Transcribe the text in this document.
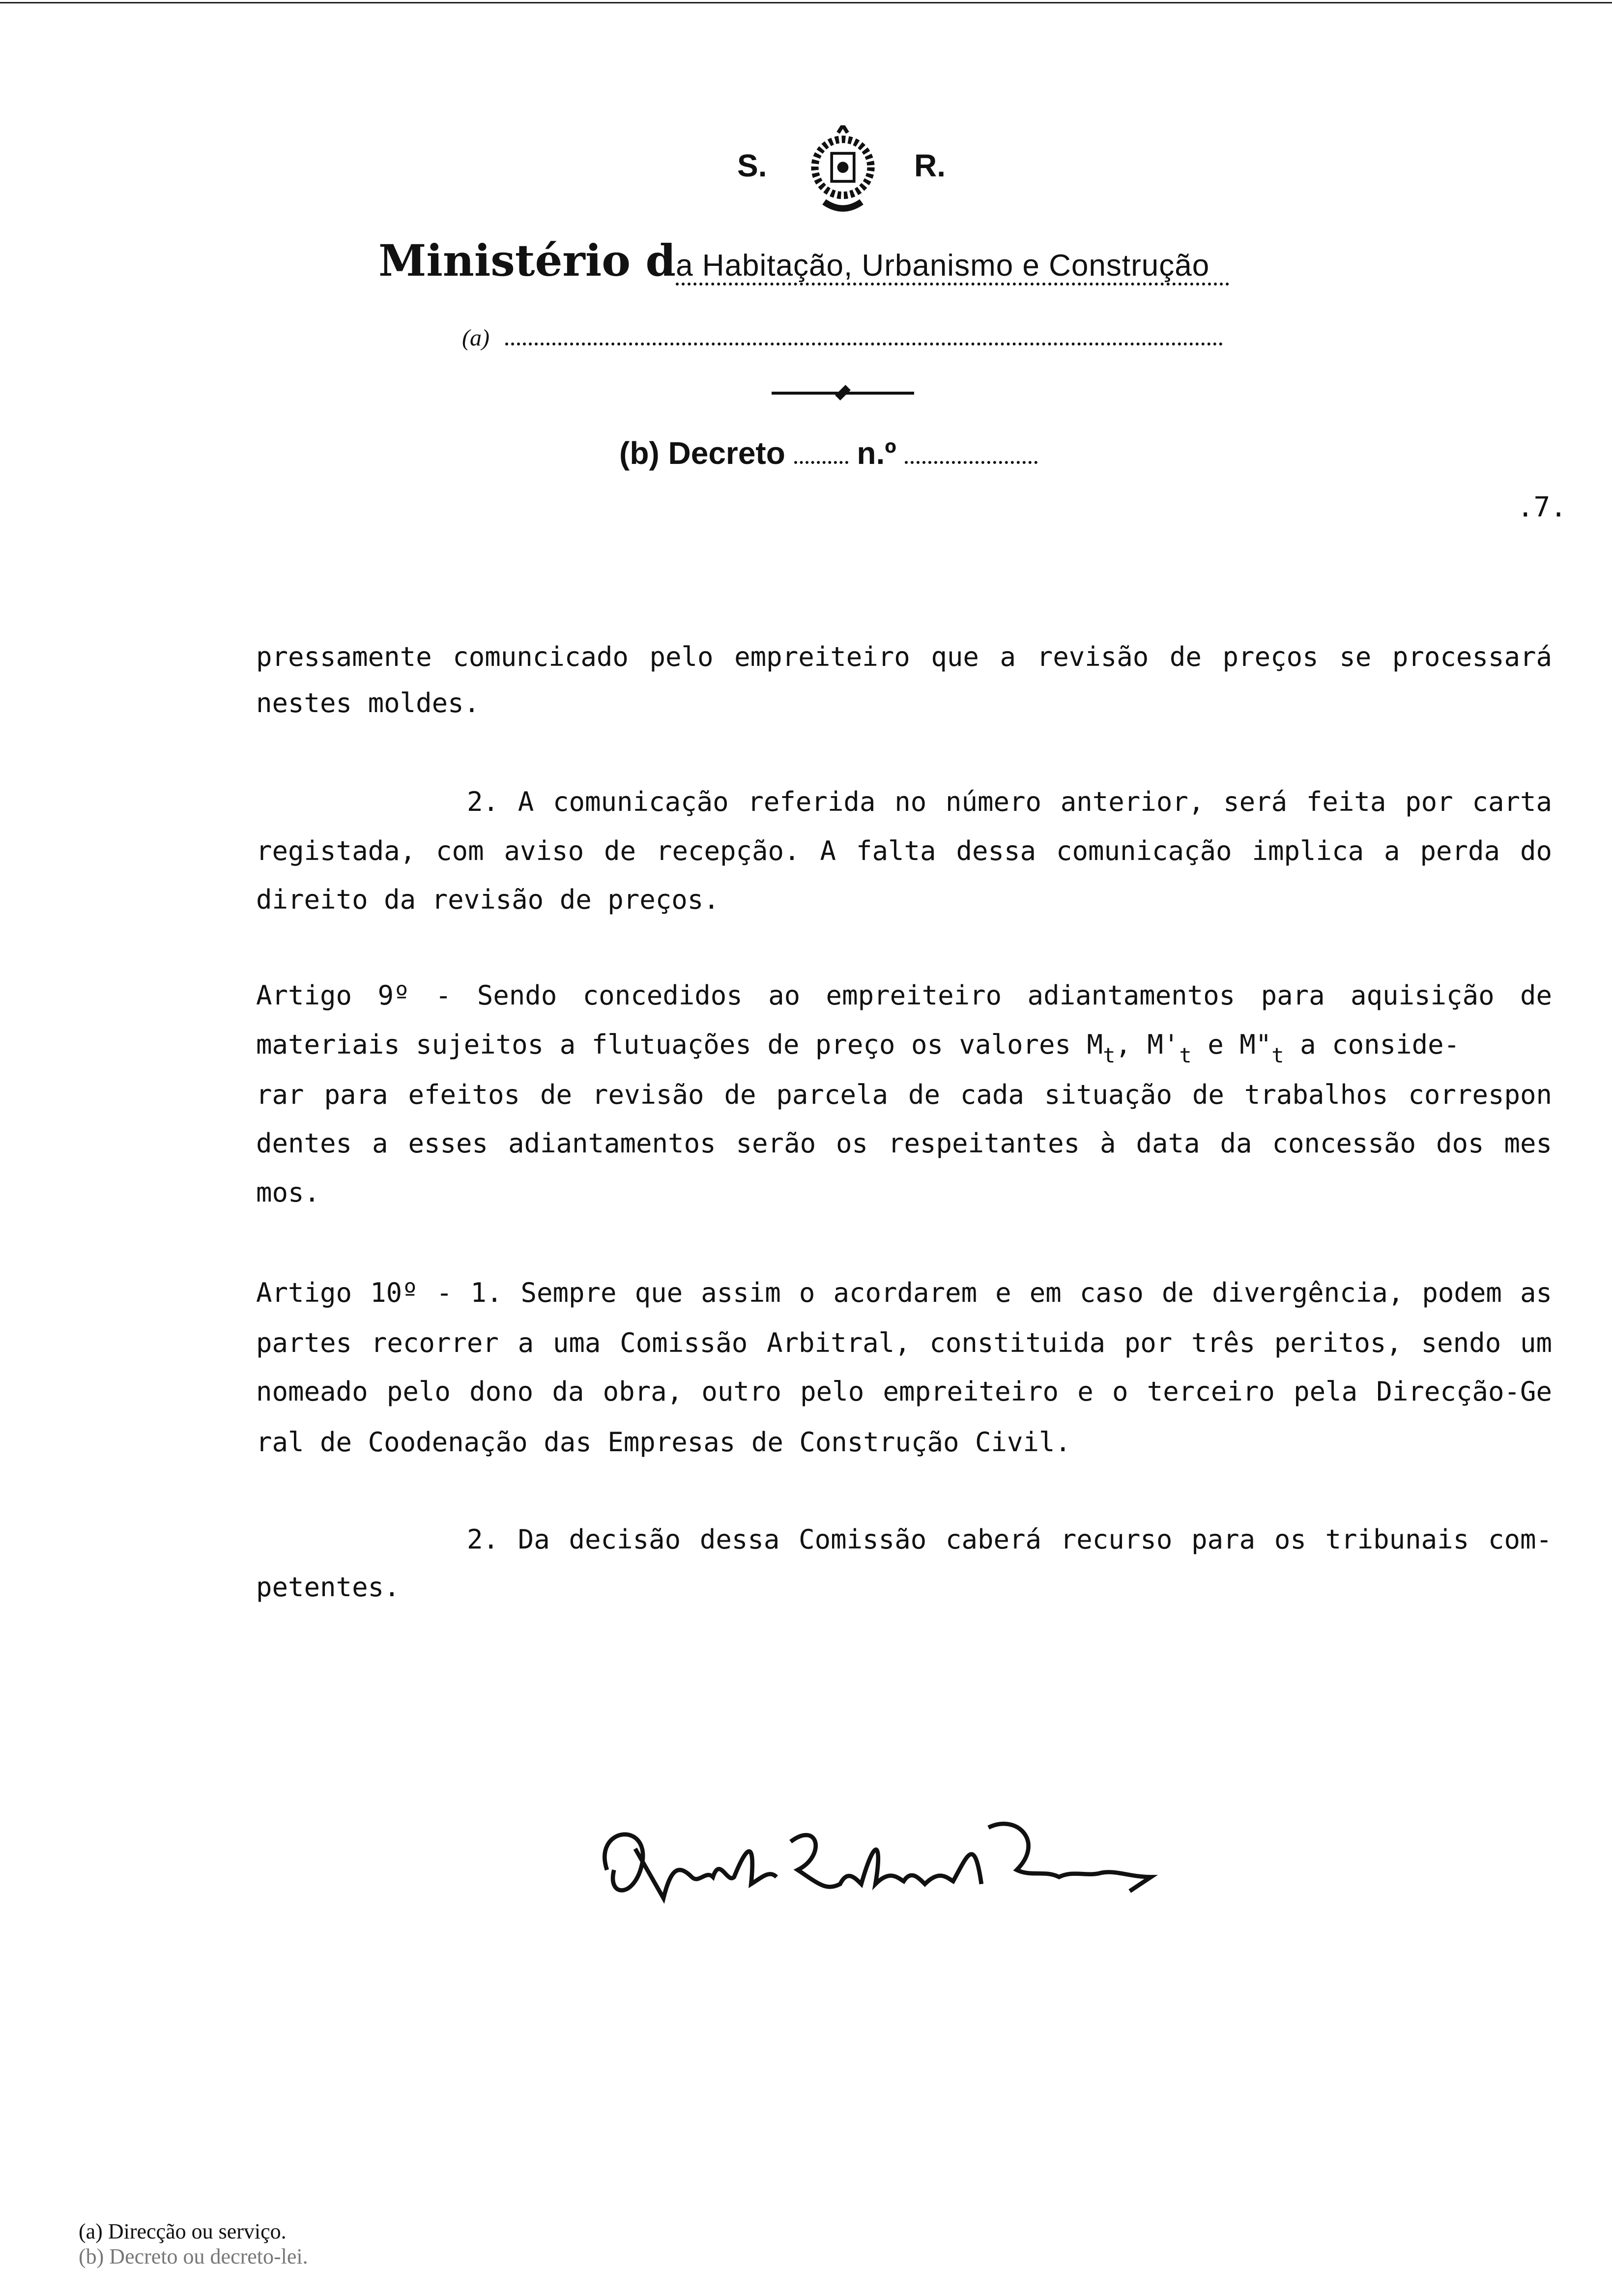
S.	R.
Ministério da Habitação, Urbanismo e Construção
(a)
(b) Decreto n.º
.7.
pressamente comuncicado pelo empreiteiro que a revisão de preços se processará
nestes moldes.
2. A comunicação referida no número anterior, será feita por carta
registada, com aviso de recepção. A falta dessa comunicação implica a perda do
direito da revisão de preços.
Artigo 9º - Sendo concedidos ao empreiteiro adiantamentos para aquisição de
materiais sujeitos a flutuações de preço os valores $M_t$, $M'_t$ e $M"_t$ a conside-
rar para efeitos de revisão de parcela de cada situação de trabalhos correspon
dentes a esses adiantamentos serão os respeitantes à data da concessão dos mes
mos.
Artigo 10º - 1. Sempre que assim o acordarem e em caso de divergência, podem as
partes recorrer a uma Comissão Arbitral, constituida por três peritos, sendo um
nomeado pelo dono da obra, outro pelo empreiteiro e o terceiro pela Direcção-Ge
ral de Coodenação das Empresas de Construção Civil.
2. Da decisão dessa Comissão caberá recurso para os tribunais com-
petentes.
(a) Direcção ou serviço.
(b) Decreto ou decreto-lei.
